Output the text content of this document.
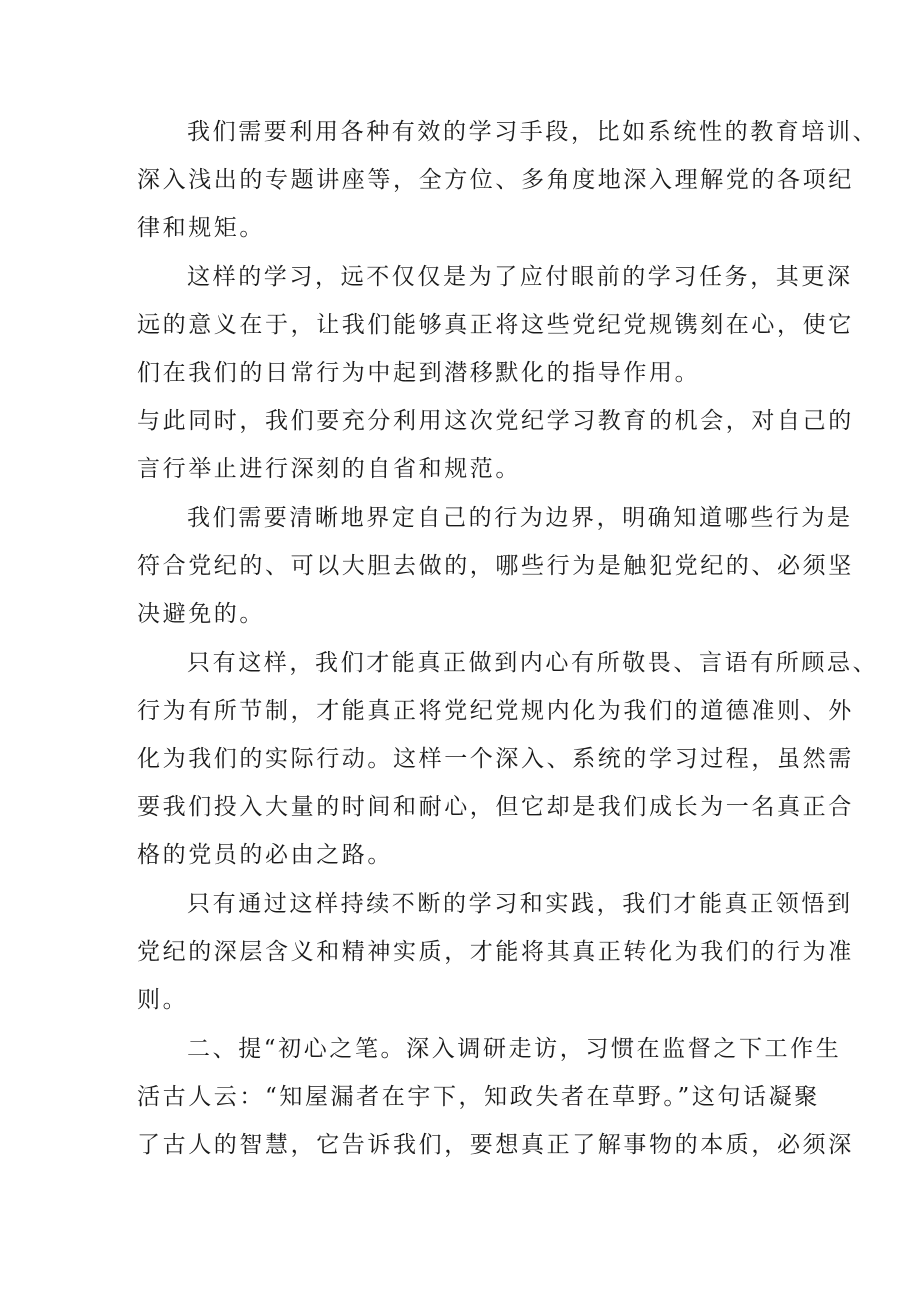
我们需要利用各种有效的学习手段，比如系统性的教育培训、
深入浅出的专题讲座等，全方位、多角度地深入理解党的各项纪
律和规矩。
这样的学习，远不仅仅是为了应付眼前的学习任务，其更深
远的意义在于，让我们能够真正将这些党纪党规镌刻在心，使它
们在我们的日常行为中起到潜移默化的指导作用。
与此同时，我们要充分利用这次党纪学习教育的机会，对自己的
言行举止进行深刻的自省和规范。
我们需要清晰地界定自己的行为边界，明确知道哪些行为是
符合党纪的、可以大胆去做的，哪些行为是触犯党纪的、必须坚
决避免的。
只有这样，我们才能真正做到内心有所敬畏、言语有所顾忌、
行为有所节制，才能真正将党纪党规内化为我们的道德准则、外
化为我们的实际行动。这样一个深入、系统的学习过程，虽然需
要我们投入大量的时间和耐心，但它却是我们成长为一名真正合
格的党员的必由之路。
只有通过这样持续不断的学习和实践，我们才能真正领悟到
党纪的深层含义和精神实质，才能将其真正转化为我们的行为准
则。
二、提“初心之笔。深入调研走访，习惯在监督之下工作生
活古人云：“知屋漏者在宇下，知政失者在草野。”这句话凝聚
了古人的智慧，它告诉我们，要想真正了解事物的本质，必须深
